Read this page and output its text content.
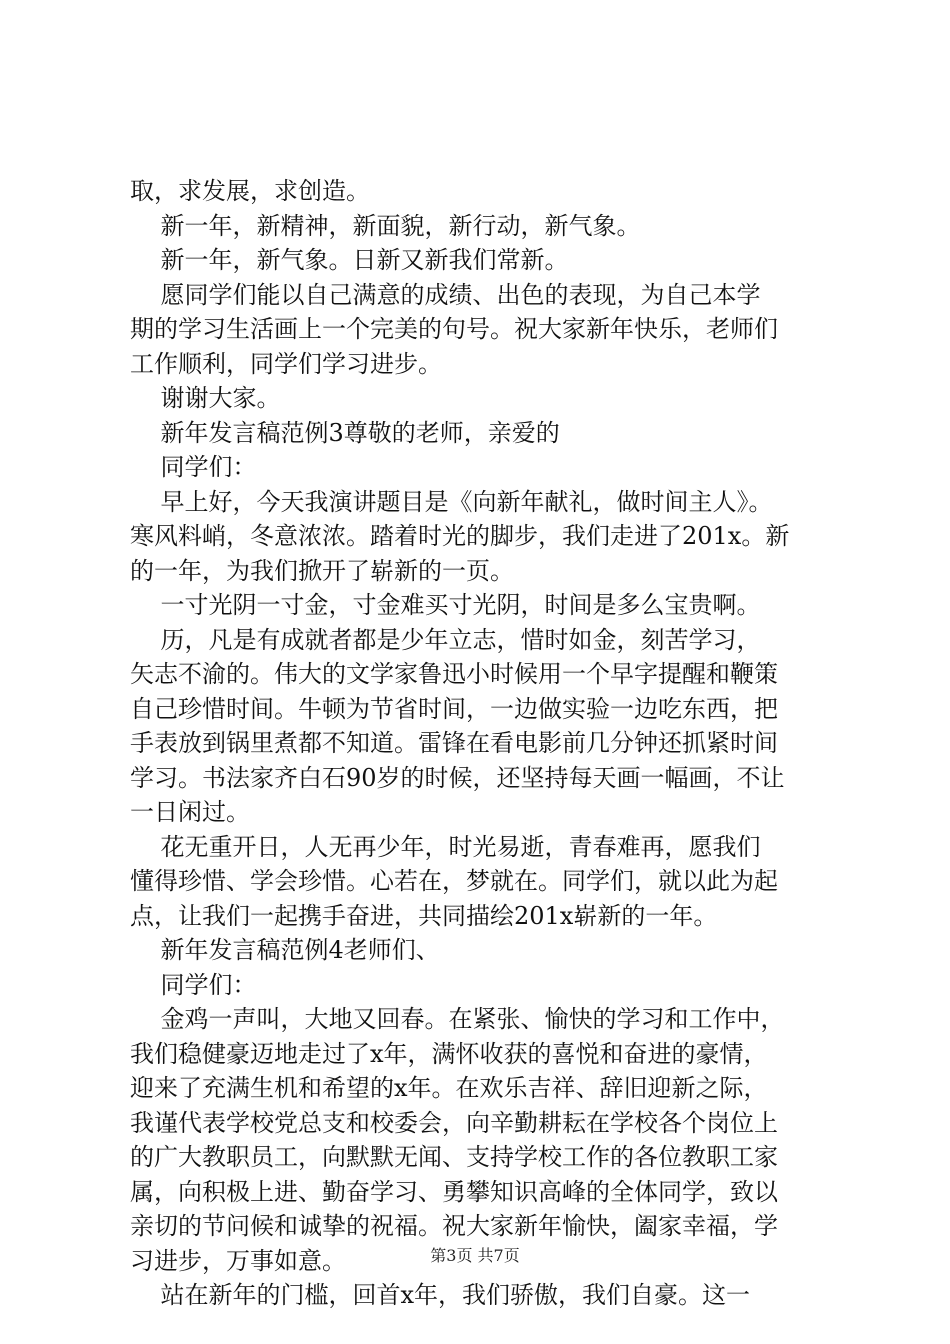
取，求发展，求创造。
新一年，新精神，新面貌，新行动，新气象。
新一年，新气象。日新又新我们常新。
愿同学们能以自己满意的成绩、出色的表现，为自己本学
期的学习生活画上一个完美的句号。祝大家新年快乐，老师们
工作顺利，同学们学习进步。
谢谢大家。
新年发言稿范例3尊敬的老师，亲爱的
同学们：
早上好，今天我演讲题目是《向新年献礼，做时间主人》。
寒风料峭，冬意浓浓。踏着时光的脚步，我们走进了201x。新
的一年，为我们掀开了崭新的一页。
一寸光阴一寸金，寸金难买寸光阴，时间是多么宝贵啊。
历，凡是有成就者都是少年立志，惜时如金，刻苦学习，
矢志不渝的。伟大的文学家鲁迅小时候用一个早字提醒和鞭策
自己珍惜时间。牛顿为节省时间，一边做实验一边吃东西，把
手表放到锅里煮都不知道。雷锋在看电影前几分钟还抓紧时间
学习。书法家齐白石90岁的时候，还坚持每天画一幅画，不让
一日闲过。
花无重开日，人无再少年，时光易逝，青春难再，愿我们
懂得珍惜、学会珍惜。心若在，梦就在。同学们，就以此为起
点，让我们一起携手奋进，共同描绘201x崭新的一年。
新年发言稿范例4老师们、
同学们：
金鸡一声叫，大地又回春。在紧张、愉快的学习和工作中，
我们稳健豪迈地走过了x年，满怀收获的喜悦和奋进的豪情，
迎来了充满生机和希望的x年。在欢乐吉祥、辞旧迎新之际，
我谨代表学校党总支和校委会，向辛勤耕耘在学校各个岗位上
的广大教职员工，向默默无闻、支持学校工作的各位教职工家
属，向积极上进、勤奋学习、勇攀知识高峰的全体同学，致以
亲切的节问候和诚挚的祝福。祝大家新年愉快，阖家幸福，学
习进步，万事如意。
站在新年的门槛，回首x年，我们骄傲，我们自豪。这一
第3页 共7页
